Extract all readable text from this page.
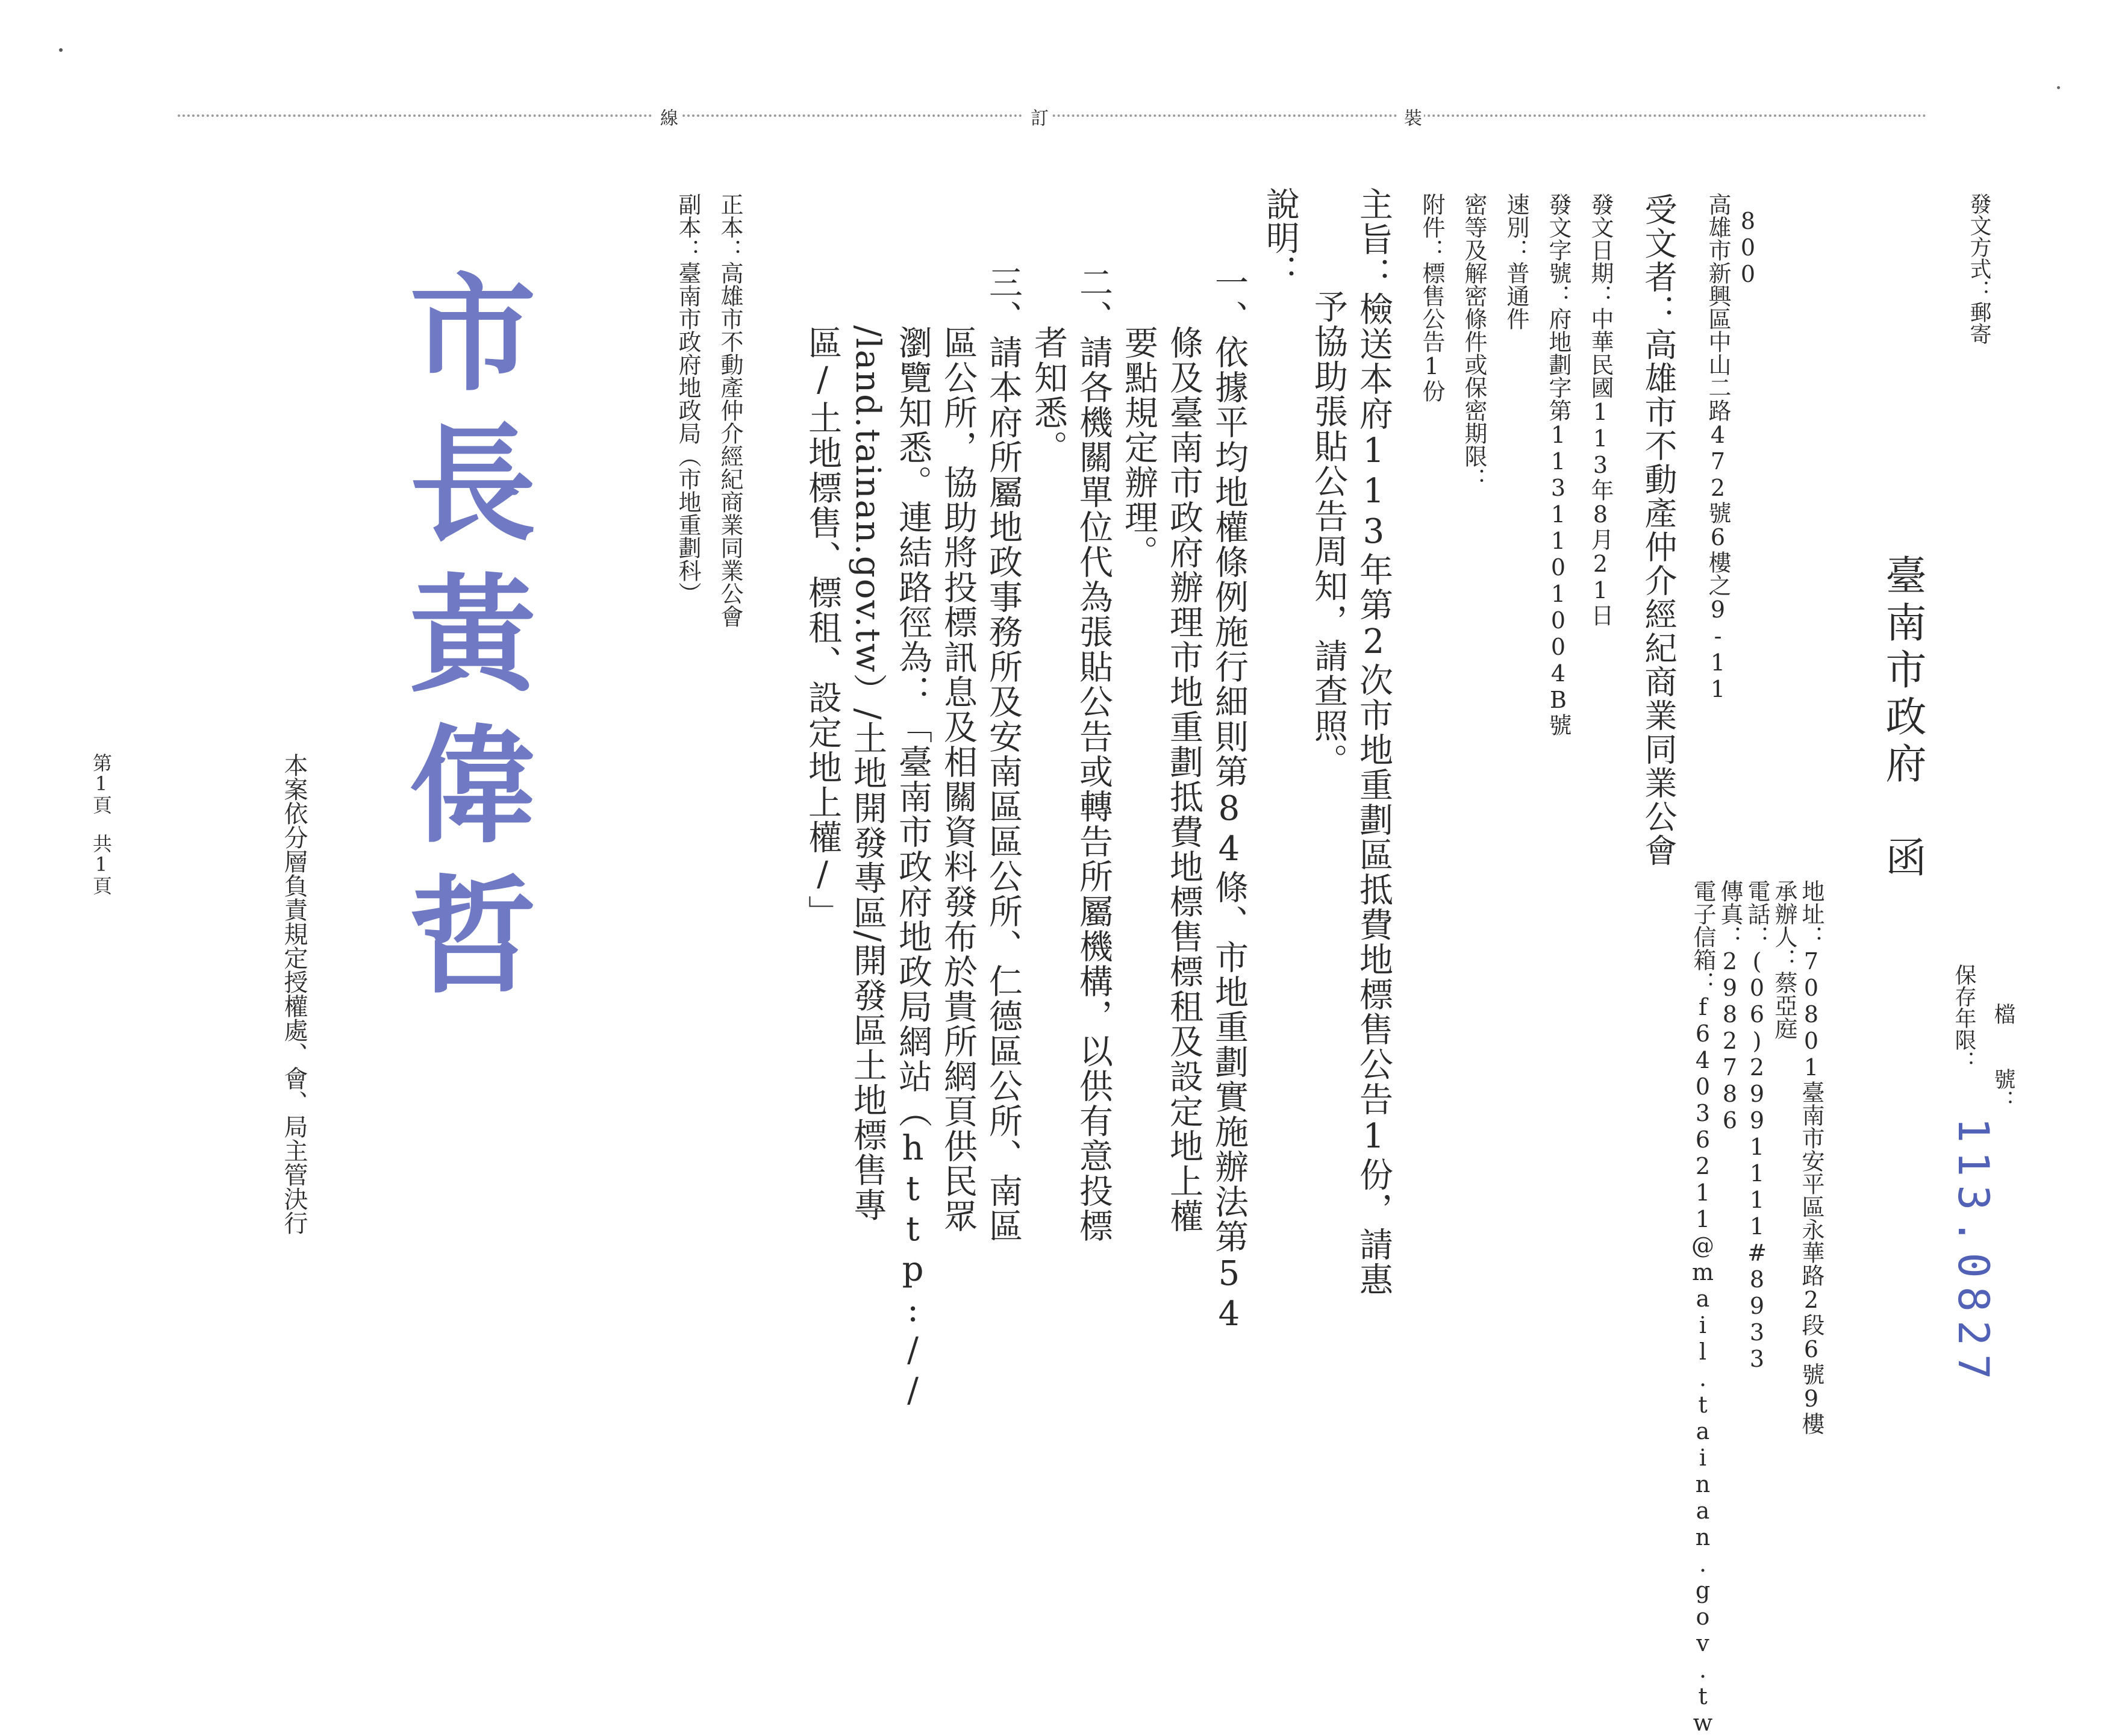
發文方式：郵寄
檔　　號：
保存年限：
113.0827
臺南市政府　函
地址：70801臺南市安平區永華路2段6號9樓
承辦人：蔡亞庭
電話：(06)2991111#8933
傳真：2982786
電子信箱：f64036211@mail.tainan.gov.tw
800
高雄市新興區中山二路472號6樓之9-11
受文者：高雄市不動產仲介經紀商業同業公會
發文日期：中華民國113年8月21日
發文字號：府地劃字第1131101004B號
速別：普通件
密等及解密條件或保密期限：
附件：標售公告1份
裝
訂
線
主旨：檢送本府113年第2次市地重劃區抵費地標售公告1份，請惠
予協助張貼公告周知，請查照。
說明：
一、依據平均地權條例施行細則第84條、市地重劃實施辦法第54
條及臺南市政府辦理市地重劃抵費地標售標租及設定地上權
要點規定辦理。
二、請各機關單位代為張貼公告或轉告所屬機構，以供有意投標
者知悉。
三、請本府所屬地政事務所及安南區區公所、仁德區公所、南區
區公所，協助將投標訊息及相關資料發布於貴所網頁供民眾
瀏覽知悉。連結路徑為：「臺南市政府地政局網站（http://
/land.tainan.gov.tw）/土地開發專區/開發區土地標售專
區/土地標售、標租、設定地上權/」
正本：高雄市不動產仲介經紀商業同業公會
副本：臺南市政府地政局（市地重劃科）
市
長
黃
偉
哲
本案依分層負責規定授權處、會、局主管決行
第1頁　共1頁
